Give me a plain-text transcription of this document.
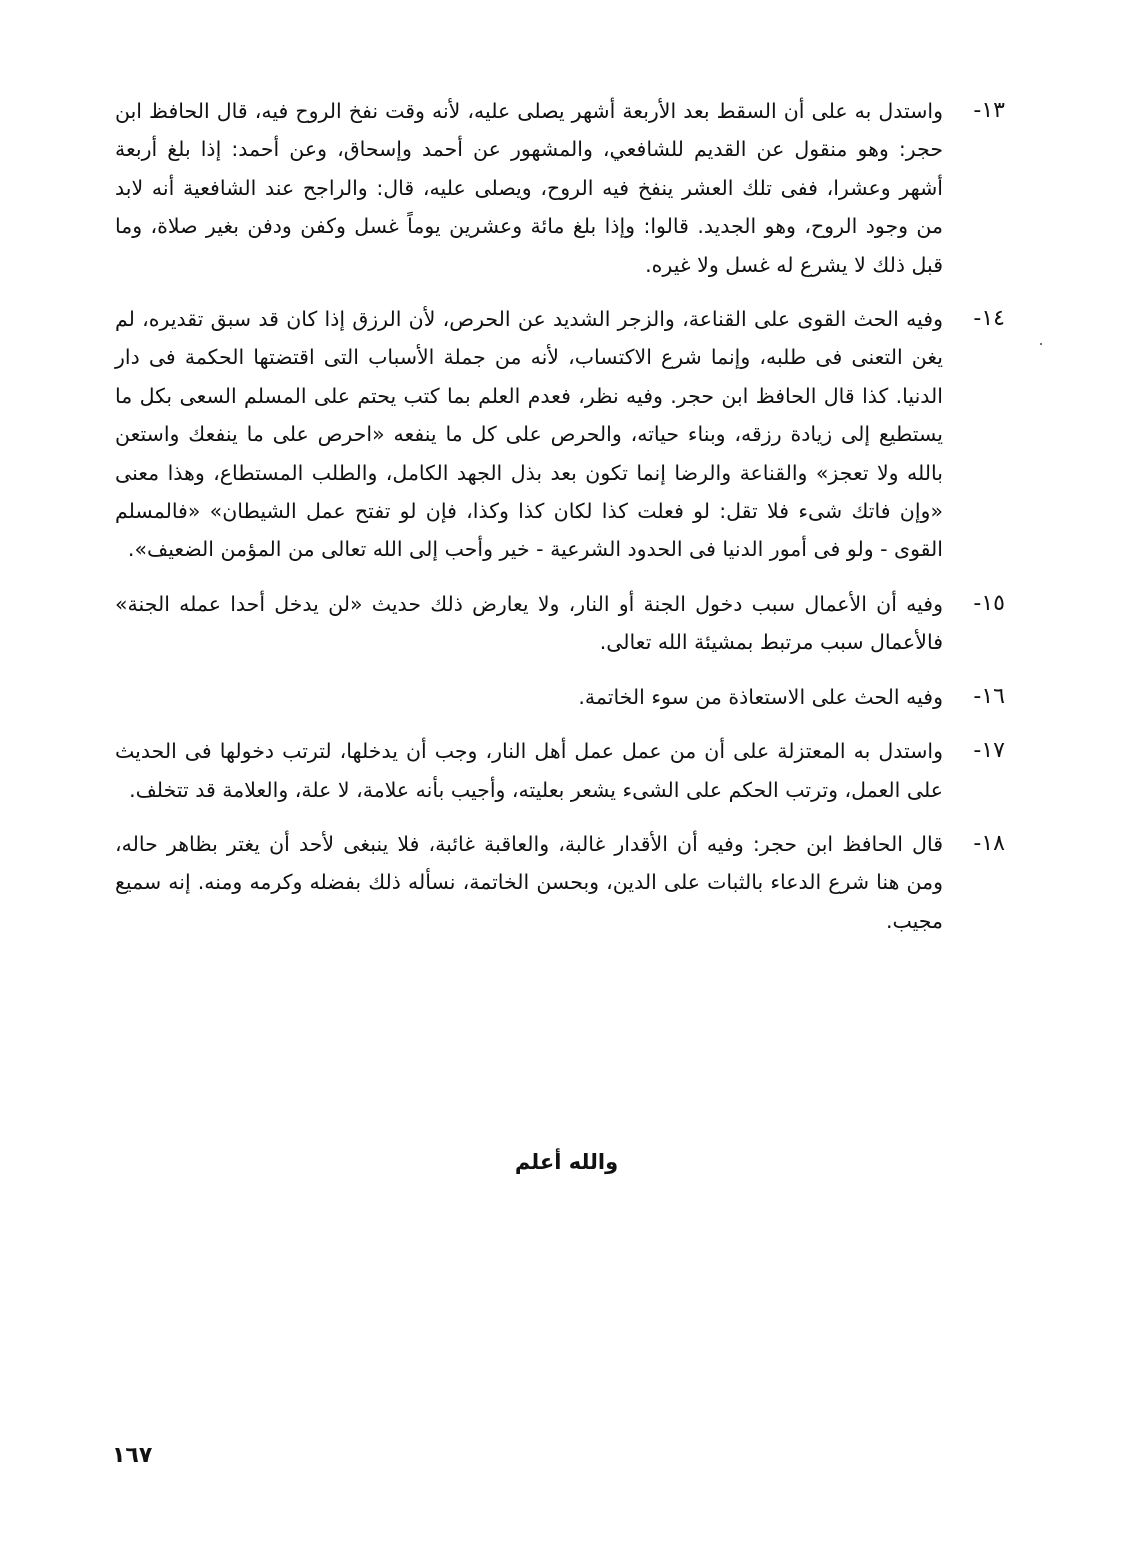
١٣-
واستدل به على أن السقط بعد الأربعة أشهر يصلى عليه، لأنه وقت نفخ الروح فيه، قال الحافظ ابن حجر: وهو منقول عن القديم للشافعي، والمشهور عن أحمد وإسحاق، وعن أحمد: إذا بلغ أربعة أشهر وعشرا، ففى تلك العشر ينفخ فيه الروح، ويصلى عليه، قال: والراجح عند الشافعية أنه لابد من وجود الروح، وهو الجديد. قالوا: وإذا بلغ مائة وعشرين يوماً غسل وكفن ودفن بغير صلاة، وما قبل ذلك لا يشرع له غسل ولا غيره.
١٤-
وفيه الحث القوى على القناعة، والزجر الشديد عن الحرص، لأن الرزق إذا كان قد سبق تقديره، لم يغن التعنى فى طلبه، وإنما شرع الاكتساب، لأنه من جملة الأسباب التى اقتضتها الحكمة فى دار الدنيا. كذا قال الحافظ ابن حجر. وفيه نظر، فعدم العلم بما كتب يحتم على المسلم السعى بكل ما يستطيع إلى زيادة رزقه، وبناء حياته، والحرص على كل ما ينفعه «احرص على ما ينفعك واستعن بالله ولا تعجز» والقناعة والرضا إنما تكون بعد بذل الجهد الكامل، والطلب المستطاع، وهذا معنى «وإن فاتك شىء فلا تقل: لو فعلت كذا لكان كذا وكذا، فإن لو تفتح عمل الشيطان» «فالمسلم القوى - ولو فى أمور الدنيا فى الحدود الشرعية - خير وأحب إلى الله تعالى من المؤمن الضعيف».
١٥-
وفيه أن الأعمال سبب دخول الجنة أو النار، ولا يعارض ذلك حديث «لن يدخل أحدا عمله الجنة» فالأعمال سبب مرتبط بمشيئة الله تعالى.
١٦-
وفيه الحث على الاستعاذة من سوء الخاتمة.
١٧-
واستدل به المعتزلة على أن من عمل عمل أهل النار، وجب أن يدخلها، لترتب دخولها فى الحديث على العمل، وترتب الحكم على الشىء يشعر بعليته، وأجيب بأنه علامة، لا علة، والعلامة قد تتخلف.
١٨-
قال الحافظ ابن حجر: وفيه أن الأقدار غالبة، والعاقبة غائبة، فلا ينبغى لأحد أن يغتر بظاهر حاله، ومن هنا شرع الدعاء بالثبات على الدين، وبحسن الخاتمة، نسأله ذلك بفضله وكرمه ومنه. إنه سميع مجيب.
والله أعلم
١٦٧
